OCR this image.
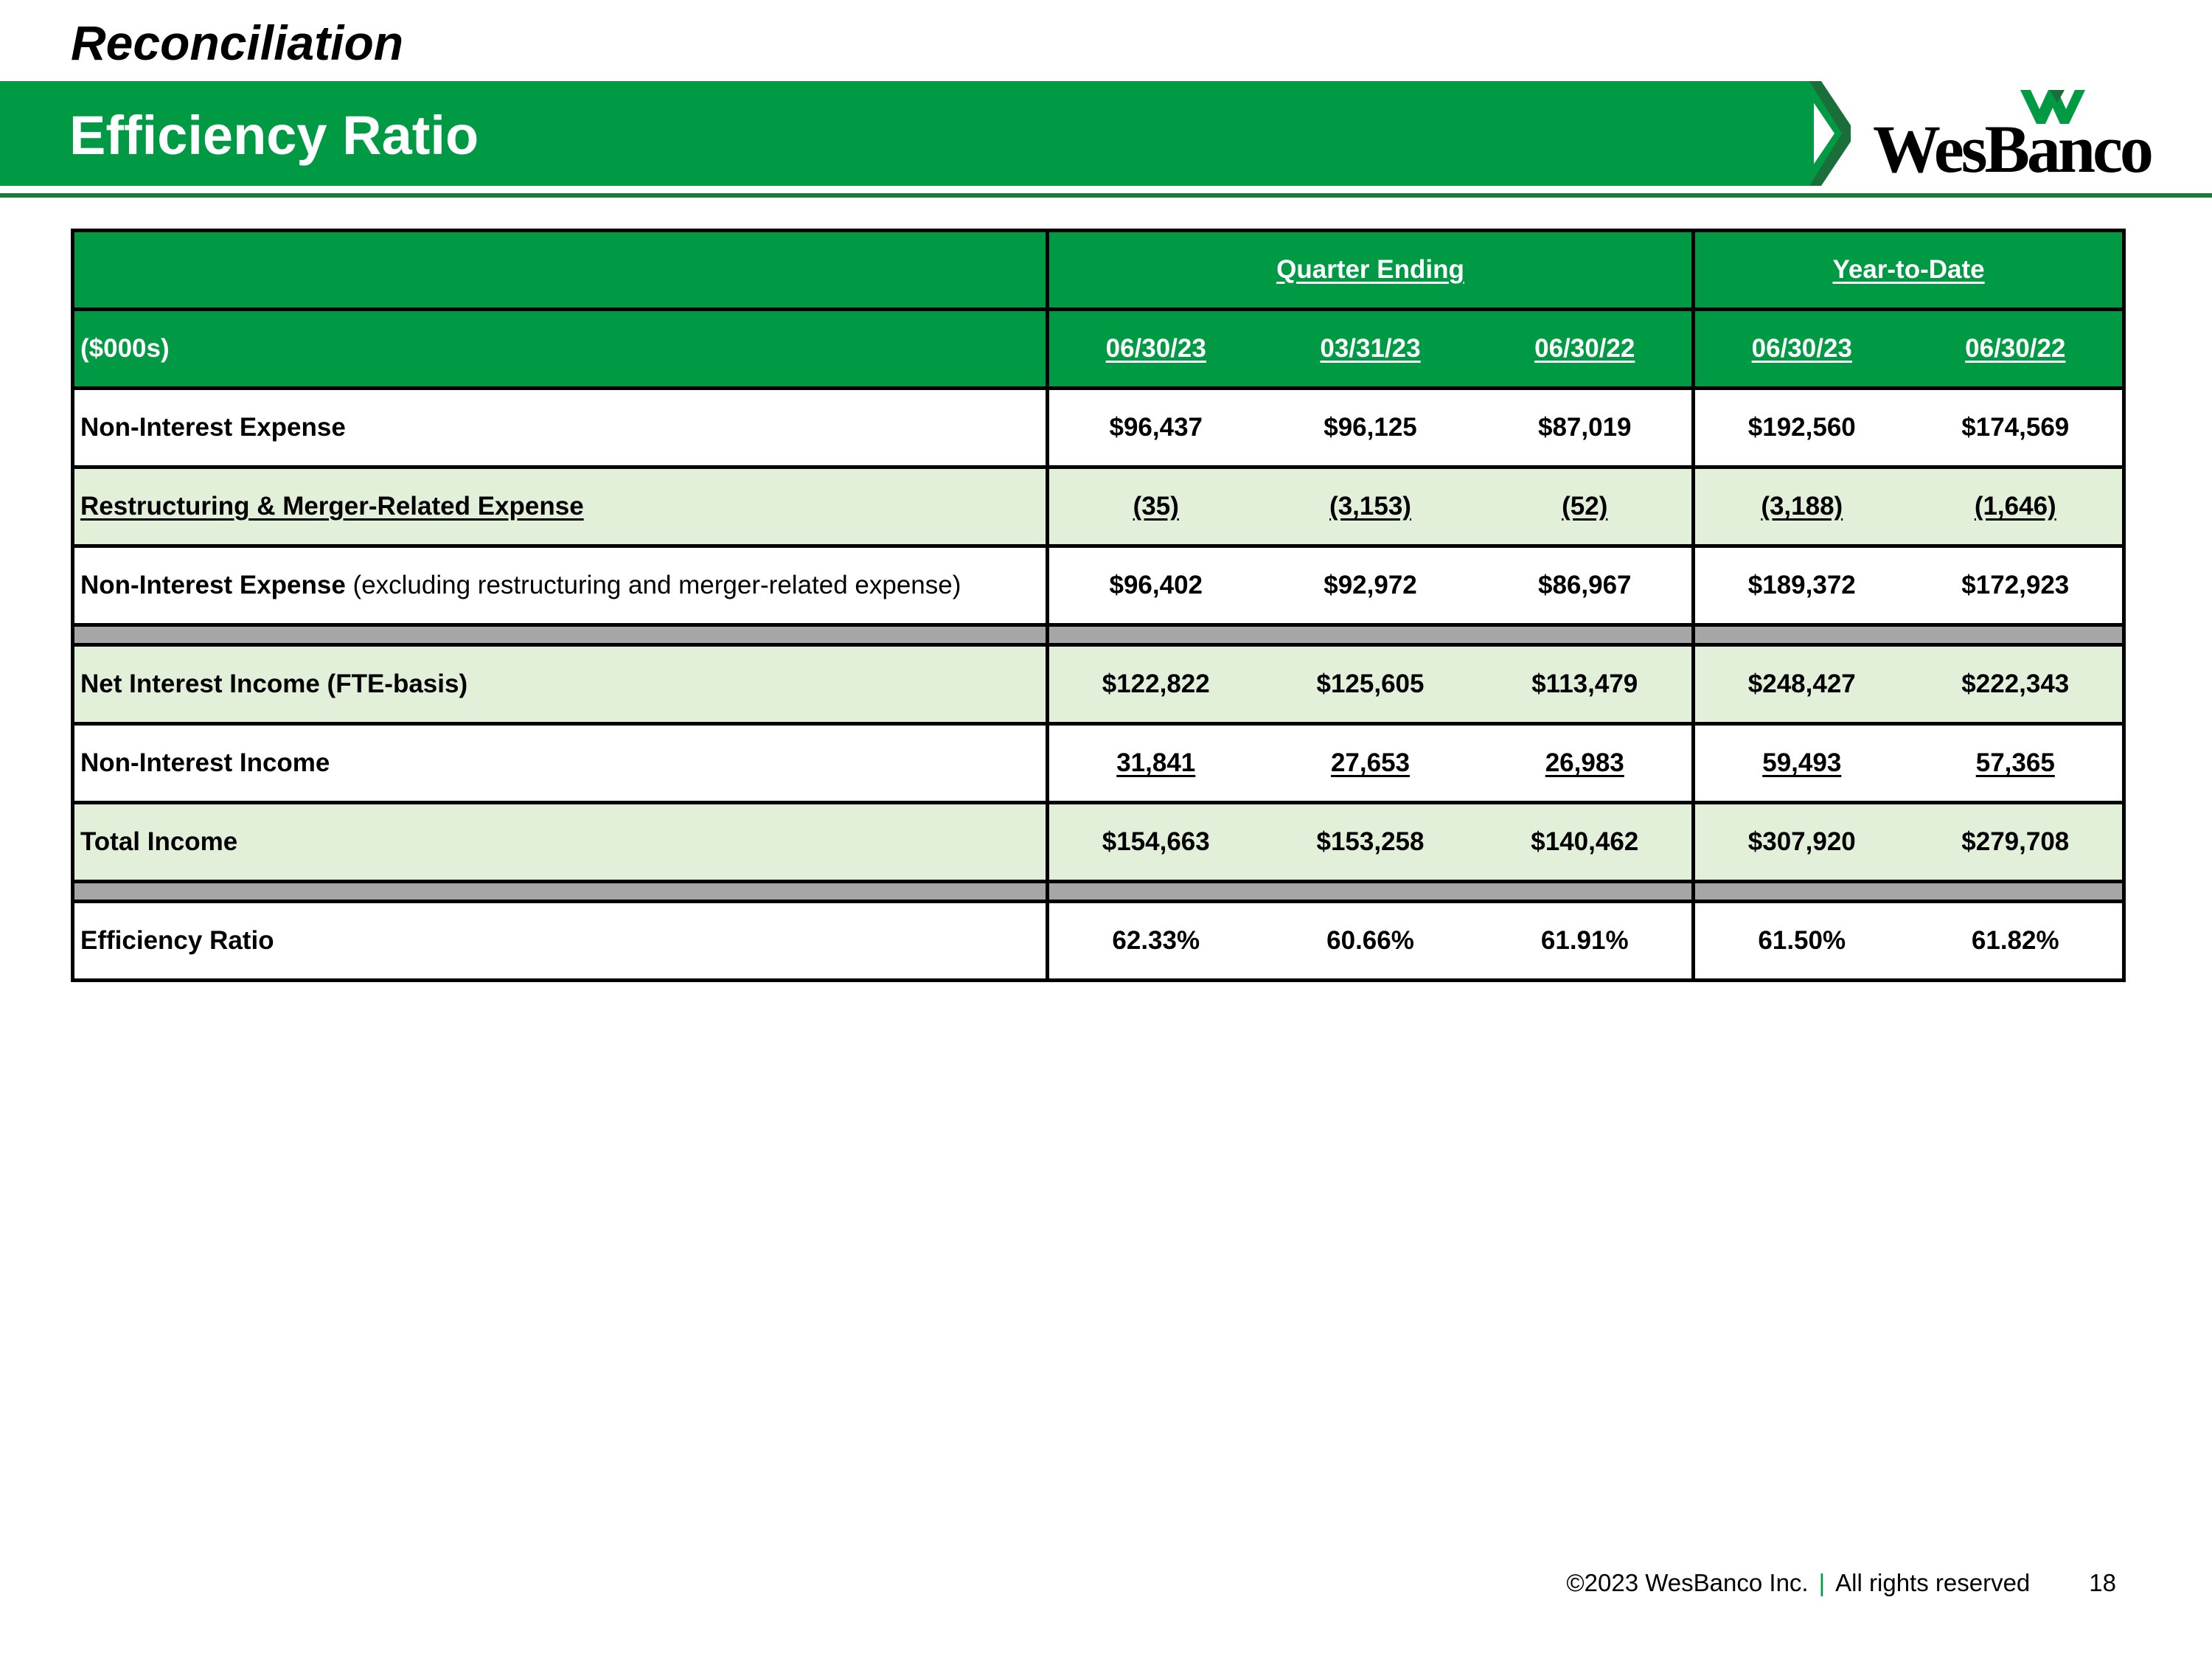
Reconciliation
Efficiency Ratio	WesBanco
	Quarter Ending			Year-to-Date	
($000s)	06/30/23	03/31/23	06/30/22	06/30/23	06/30/22
Non-Interest Expense	$96,437	$96,125	$87,019	$192,560	$174,569
Restructuring & Merger-Related Expense	(35)	(3,153)	(52)	(3,188)	(1,646)
Non-Interest Expense (excluding restructuring and merger-related expense)	$96,402	$92,972	$86,967	$189,372	$172,923

Net Interest Income (FTE-basis)	$122,822	$125,605	$113,479	$248,427	$222,343
Non-Interest Income	31,841	27,653	26,983	59,493	57,365
Total Income	$154,663	$153,258	$140,462	$307,920	$279,708

Efficiency Ratio	62.33%	60.66%	61.91%	61.50%	61.82%
©2023 WesBanco Inc. | All rights reserved 18
